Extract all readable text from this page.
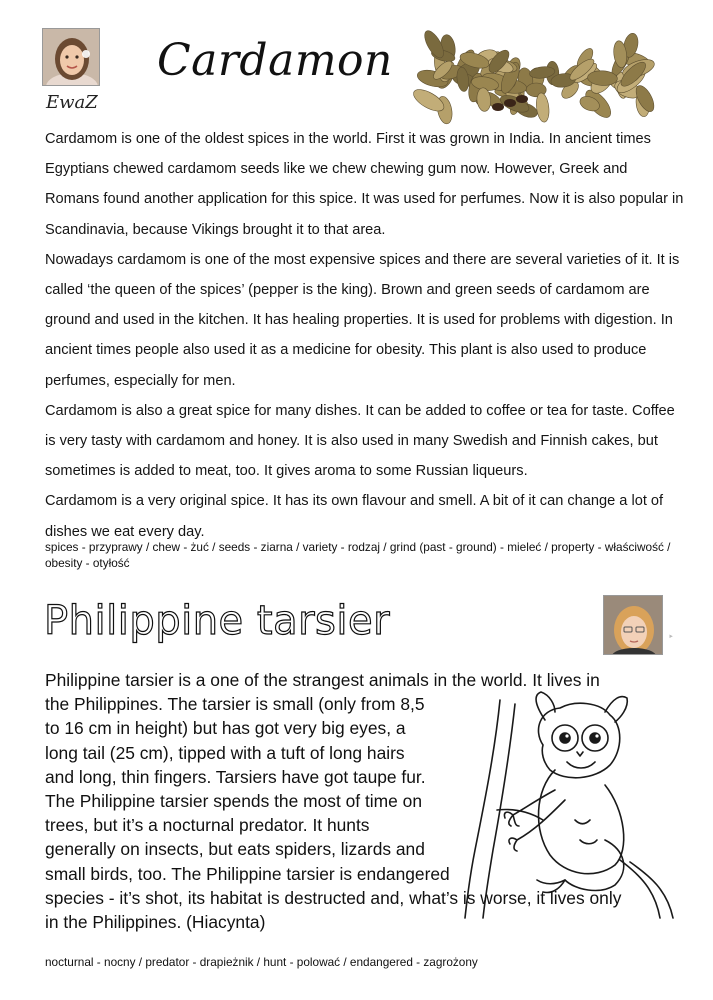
EwaZ
Cardamon

Cardamom is one of the oldest spices in the world. First it was grown in India. In ancient times Egyptians chewed cardamom seeds like we chew chewing gum now. However, Greek and Romans found another application for this spice. It was used for perfumes. Now it is also popular in Scandinavia, because Vikings brought it to that area.

Nowadays cardamom is one of the most expensive spices and there are several varieties of it. It is called ‘the queen of the spices’ (pepper is the king). Brown and green seeds of cardamom are ground and used in the kitchen. It has healing properties. It is used for problems with digestion. In ancient times people also used it as a medicine for obesity. This plant is also used to produce perfumes, especially for men.

Cardamom is also a great spice for many dishes. It can be added to coffee or tea for taste. Coffee is very tasty with cardamom and honey. It is also used in many Swedish and Finnish cakes, but sometimes is added to meat, too. It gives aroma to some Russian liqueurs.

Cardamom is a very original spice. It has its own flavour and smell. A bit of it can change a lot of dishes we eat every day.

spices - przyprawy / chew - żuć / seeds - ziarna / variety - rodzaj / grind (past - ground) - mieleć / property - właściwość / obesity - otyłość
Philippine tarsier	‣
Philippine tarsier is a one of the strangest animals in the world. It lives in
the Philippines. The tarsier is small (only from 8,5
to 16 cm in height) but has got very big eyes, a
long tail (25 cm), tipped with a tuft of long hairs
and long, thin fingers. Tarsiers have got taupe fur.
The Philippine tarsier spends the most of time on
trees, but it’s a nocturnal predator. It hunts
generally on insects, but eats spiders, lizards and
small birds, too. The Philippine tarsier is endangered
species - it’s shot, its habitat is destructed and, what’s is worse, it lives only
in the Philippines. (Hiacynta)
nocturnal - nocny / predator - drapieżnik / hunt - polować / endangered - zagrożony
